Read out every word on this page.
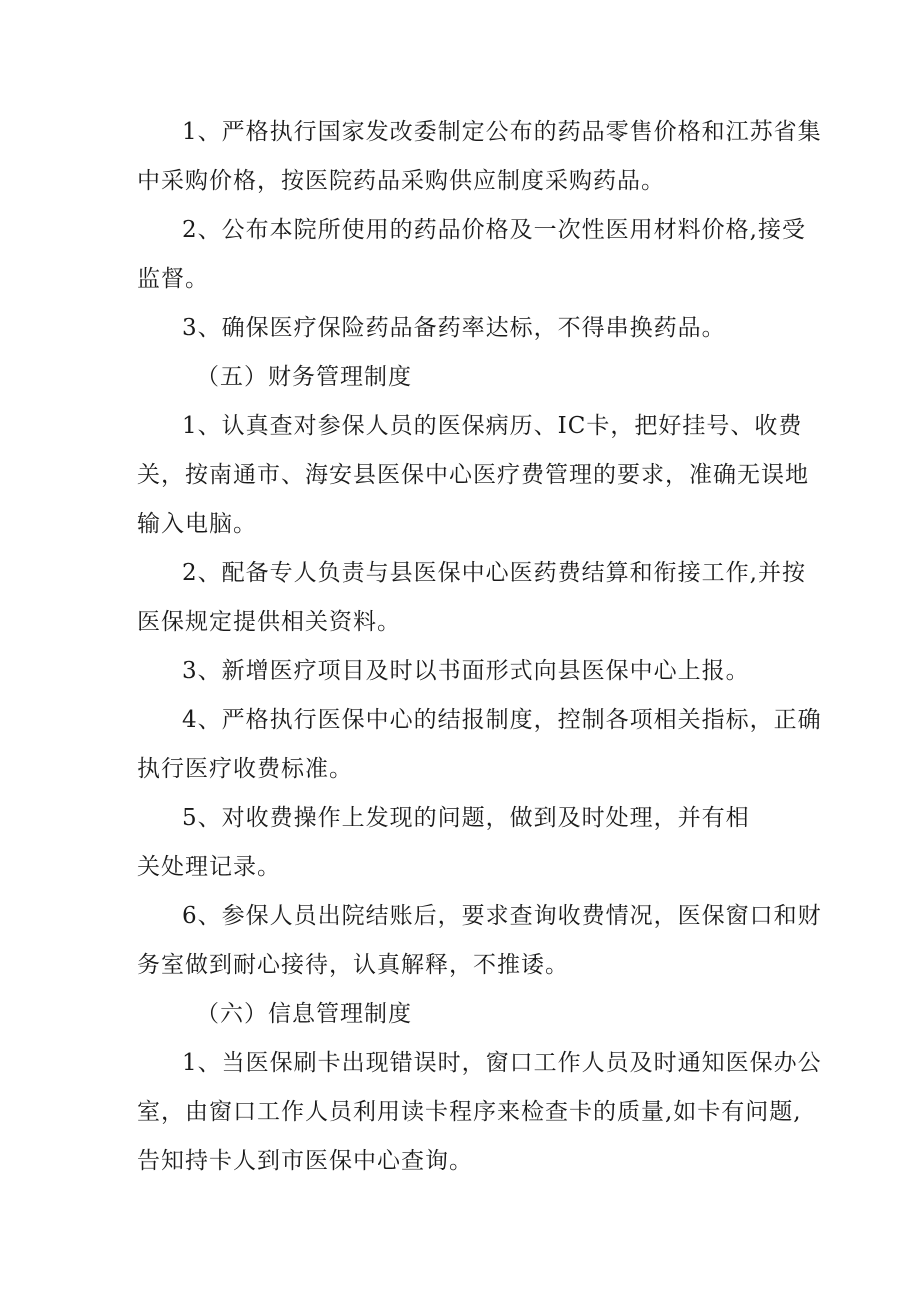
1、严格执行国家发改委制定公布的药品零售价格和江苏省集
中采购价格，按医院药品采购供应制度采购药品。
2、公布本院所使用的药品价格及一次性医用材料价格,接受
监督。
3、确保医疗保险药品备药率达标，不得串换药品。
（五）财务管理制度
1、认真查对参保人员的医保病历、IC卡，把好挂号、收费
关，按南通市、海安县医保中心医疗费管理的要求，准确无误地
输入电脑。
2、配备专人负责与县医保中心医药费结算和衔接工作,并按
医保规定提供相关资料。
3、新增医疗项目及时以书面形式向县医保中心上报。
4、严格执行医保中心的结报制度，控制各项相关指标，正确
执行医疗收费标准。
5、对收费操作上发现的问题，做到及时处理，并有相
关处理记录。
6、参保人员出院结账后，要求查询收费情况，医保窗口和财
务室做到耐心接待，认真解释，不推诿。
（六）信息管理制度
1、当医保刷卡出现错误时，窗口工作人员及时通知医保办公
室，由窗口工作人员利用读卡程序来检查卡的质量,如卡有问题,
告知持卡人到市医保中心查询。
